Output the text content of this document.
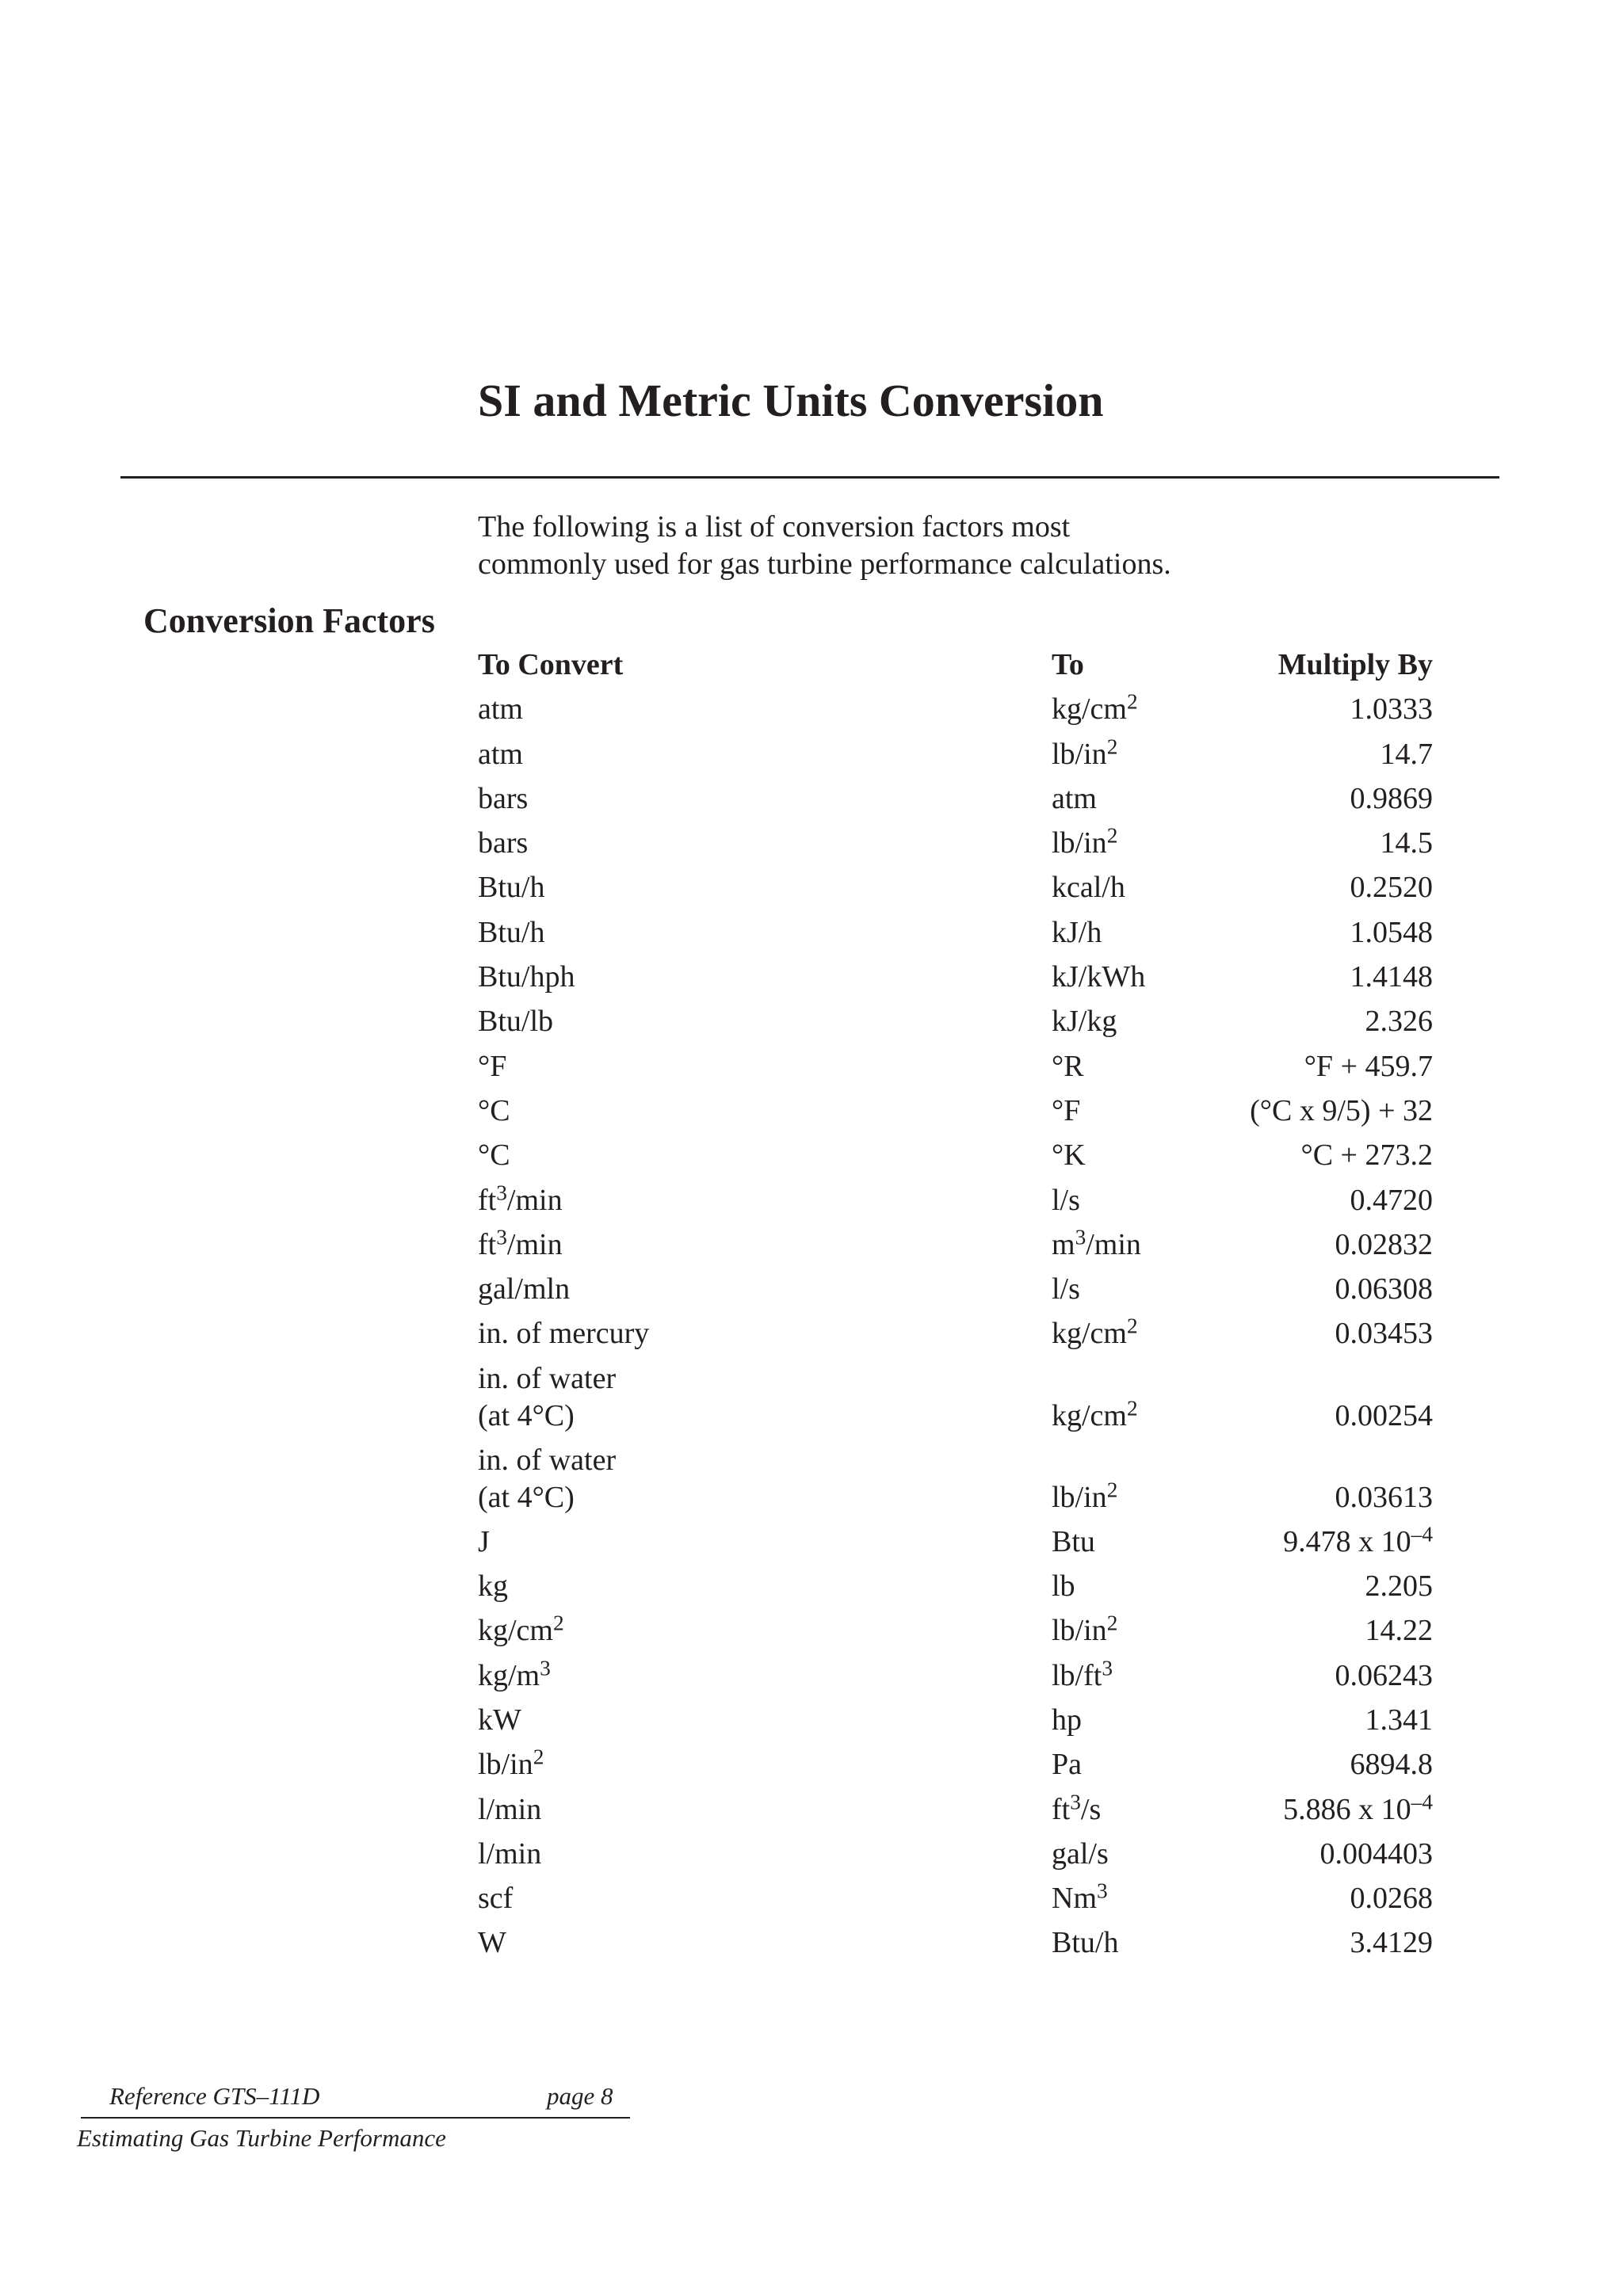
SI and Metric Units Conversion
The following is a list of conversion factors most
commonly used for gas turbine performance calculations.
Conversion Factors
To Convert	To	Multiply By
atm	$kg/cm^2$	1.0333
atm	$lb/in^2$	14.7
bars	atm	0.9869
bars	$lb/in^2$	14.5
Btu/h	kcal/h	0.2520
Btu/h	kJ/h	1.0548
Btu/hph	kJ/kWh	1.4148
Btu/lb	kJ/kg	2.326
°F	°R	°F + 459.7
°C	°F	(°C x 9/5) + 32
°C	°K	°C + 273.2
$ft^3/\min$	l/s	0.4720
$ft^3/\min$	$m^3/\min$	0.02832
gal/mln	l/s	0.06308
in. of mercury	$kg/cm^2$	0.03453
in. of water
(at 4°C)	$kg/cm^2$	0.00254
in. of water
(at 4°C)	$lb/in^2$	0.03613
J	Btu	9.478 x $10^{-4}$
kg	lb	2.205
$kg/cm^2$	$lb/in^2$	14.22
$kg/m^3$	$lb/ft^3$	0.06243
kW	hp	1.341
$lb/in^2$	Pa	6894.8
l/min	$ft^3/s$	5.886 x $10^{-4}$
l/min	gal/s	0.004403
scf	Nm$^3$	0.0268
W	Btu/h	3.4129
Reference GTS–111D	page 8
Estimating Gas Turbine Performance
